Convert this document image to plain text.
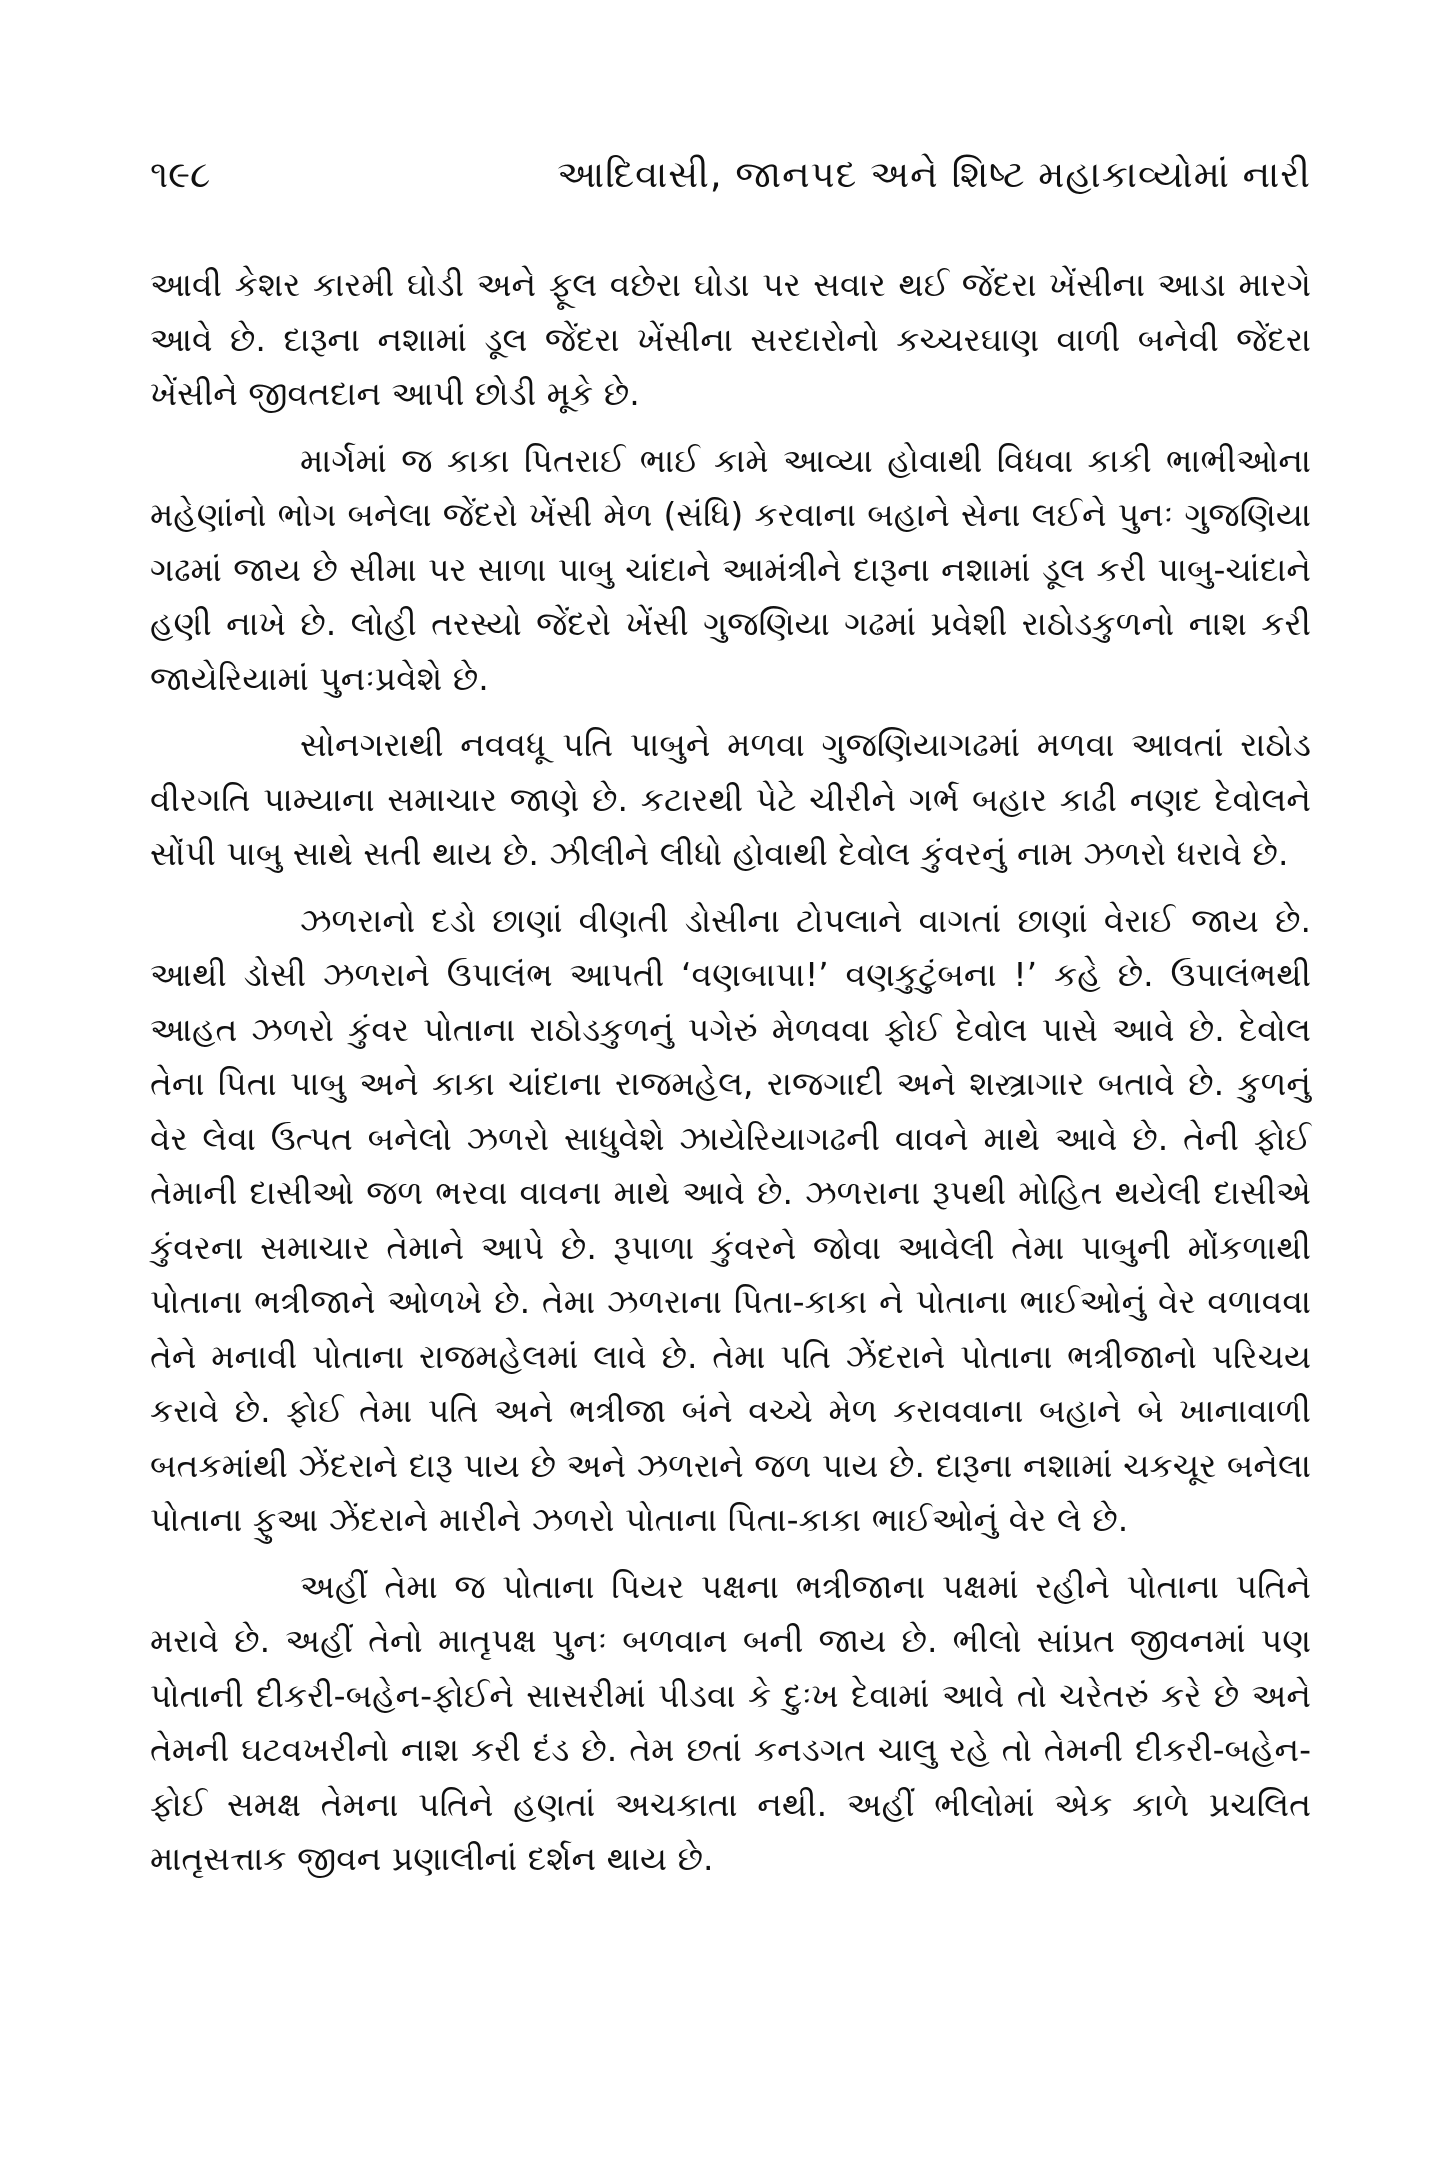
૧૯૮	આદિવાસી, જાનપદ અને શિષ્ટ મહાકાવ્યોમાં નારી

આવી કેશર કારમી ઘોડી અને ફૂલ વછેરા ઘોડા પર સવાર થઈ જેંદરા ખેંસીના આડા મારગે આવે છે. દારૂના નશામાં ડૂલ જેંદરા ખેંસીના સરદારોનો કચ્ચરઘાણ વાળી બનેવી જેંદરા ખેંસીને જીવતદાન આપી છોડી મૂકે છે.

માર્ગમાં જ કાકા પિતરાઈ ભાઈ કામે આવ્યા હોવાથી વિધવા કાકી ભાભીઓના મહેણાંનો ભોગ બનેલા જેંદરો ખેંસી મેળ (સંધિ) કરવાના બહાને સેના લઈને પુનઃ ગુજણિયા ગઢમાં જાય છે સીમા પર સાળા પાબુ ચાંદાને આમંત્રીને દારૂના નશામાં ડૂલ કરી પાબુ-ચાંદાને હણી નાખે છે. લોહી તરસ્યો જેંદરો ખેંસી ગુજણિયા ગઢમાં પ્રવેશી રાઠોડકુળનો નાશ કરી જાયેરિયામાં પુનઃપ્રવેશે છે.

સોનગરાથી નવવધૂ પતિ પાબુને મળવા ગુજણિયાગઢમાં મળવા આવતાં રાઠોડ વીરગતિ પામ્યાના સમાચાર જાણે છે. કટારથી પેટે ચીરીને ગર્ભ બહાર કાઢી નણદ દેવોલને સોંપી પાબુ સાથે સતી થાય છે. ઝીલીને લીધો હોવાથી દેવોલ કુંવરનું નામ ઝળરો ધરાવે છે.

ઝળરાનો દડો છાણાં વીણતી ડોસીના ટોપલાને વાગતાં છાણાં વેરાઈ જાય છે. આથી ડોસી ઝળરાને ઉપાલંભ આપતી ‘વણબાપા!’ વણકુટુંબના !’ કહે છે. ઉપાલંભથી આહત ઝળરો કુંવર પોતાના રાઠોડકુળનું પગેરું મેળવવા ફોઈ દેવોલ પાસે આવે છે. દેવોલ તેના પિતા પાબુ અને કાકા ચાંદાના રાજમહેલ, રાજગાદી અને શસ્ત્રાગાર બતાવે છે. કુળનું વેર લેવા ઉત્પત બનેલો ઝળરો સાધુવેશે ઝાયેરિયાગઢની વાવને માથે આવે છે. તેની ફોઈ તેમાની દાસીઓ જળ ભરવા વાવના માથે આવે છે. ઝળરાના રૂપથી મોહિત થયેલી દાસીએ કુંવરના સમાચાર તેમાને આપે છે. રૂપાળા કુંવરને જોવા આવેલી તેમા પાબુની મોંકળાથી પોતાના ભત્રીજાને ઓળખે છે. તેમા ઝળરાના પિતા-કાકા ને પોતાના ભાઈઓનું વેર વળાવવા તેને મનાવી પોતાના રાજમહેલમાં લાવે છે. તેમા પતિ ઝેંદરાને પોતાના ભત્રીજાનો પરિચય કરાવે છે. ફોઈ તેમા પતિ અને ભત્રીજા બંને વચ્ચે મેળ કરાવવાના બહાને બે ખાનાવાળી બતકમાંથી ઝેંદરાને દારૂ પાય છે અને ઝળરાને જળ પાય છે. દારૂના નશામાં ચકચૂર બનેલા પોતાના ફુઆ ઝેંદરાને મારીને ઝળરો પોતાના પિતા-કાકા ભાઈઓનું વેર લે છે.

અહીં તેમા જ પોતાના પિયર પક્ષના ભત્રીજાના પક્ષમાં રહીને પોતાના પતિને મરાવે છે. અહીં તેનો માતૃપક્ષ પુનઃ બળવાન બની જાય છે. ભીલો સાંપ્રત જીવનમાં પણ પોતાની દીકરી-બહેન-ફોઈને સાસરીમાં પીડવા કે દુઃખ દેવામાં આવે તો ચરેતરું કરે છે અને તેમની ઘટવખરીનો નાશ કરી દંડ છે. તેમ છતાં કનડગત ચાલુ રહે તો તેમની દીકરી-બહેન-ફોઈ સમક્ષ તેમના પતિને હણતાં અચકાતા નથી. અહીં ભીલોમાં એક કાળે પ્રચલિત માતૃસત્તાક જીવન પ્રણાલીનાં દર્શન થાય છે.
